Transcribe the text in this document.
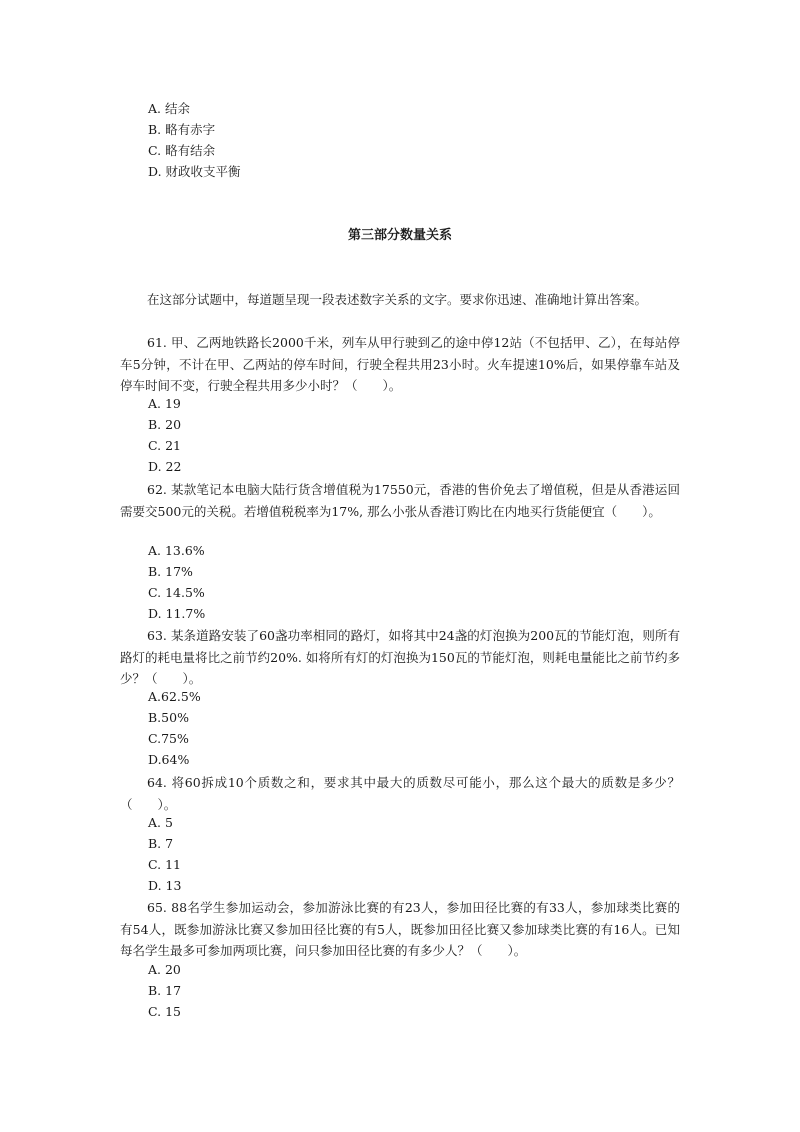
A. 结余
B. 略有赤字
C. 略有结余
D. 财政收支平衡
第三部分数量关系
在这部分试题中，每道题呈现一段表述数字关系的文字。要求你迅速、准确地计算出答案。
61. 甲、乙两地铁路长2000千米，列车从甲行驶到乙的途中停12站（不包括甲、乙），在每站停车5分钟，不计在甲、乙两站的停车时间，行驶全程共用23小时。火车提速10%后，如果停靠车站及停车时间不变，行驶全程共用多少小时？（　　）。
A. 19
B. 20
C. 21
D. 22
62. 某款笔记本电脑大陆行货含增值税为17550元，香港的售价免去了增值税，但是从香港运回需要交500元的关税。若增值税税率为17%, 那么小张从香港订购比在内地买行货能便宜（　　）。
A. 13.6%
B. 17%
C. 14.5%
D. 11.7%
63. 某条道路安装了60盏功率相同的路灯，如将其中24盏的灯泡换为200瓦的节能灯泡，则所有路灯的耗电量将比之前节约20%. 如将所有灯的灯泡换为150瓦的节能灯泡，则耗电量能比之前节约多少？（　　）。
A.62.5%
B.50%
C.75%
D.64%
64. 将60拆成10个质数之和，要求其中最大的质数尽可能小，那么这个最大的质数是多少？（　　）。
A. 5
B. 7
C. 11
D. 13
65. 88名学生参加运动会，参加游泳比赛的有23人，参加田径比赛的有33人，参加球类比赛的有54人，既参加游泳比赛又参加田径比赛的有5人，既参加田径比赛又参加球类比赛的有16人。已知每名学生最多可参加两项比赛，问只参加田径比赛的有多少人？（　　）。
A. 20
B. 17
C. 15
